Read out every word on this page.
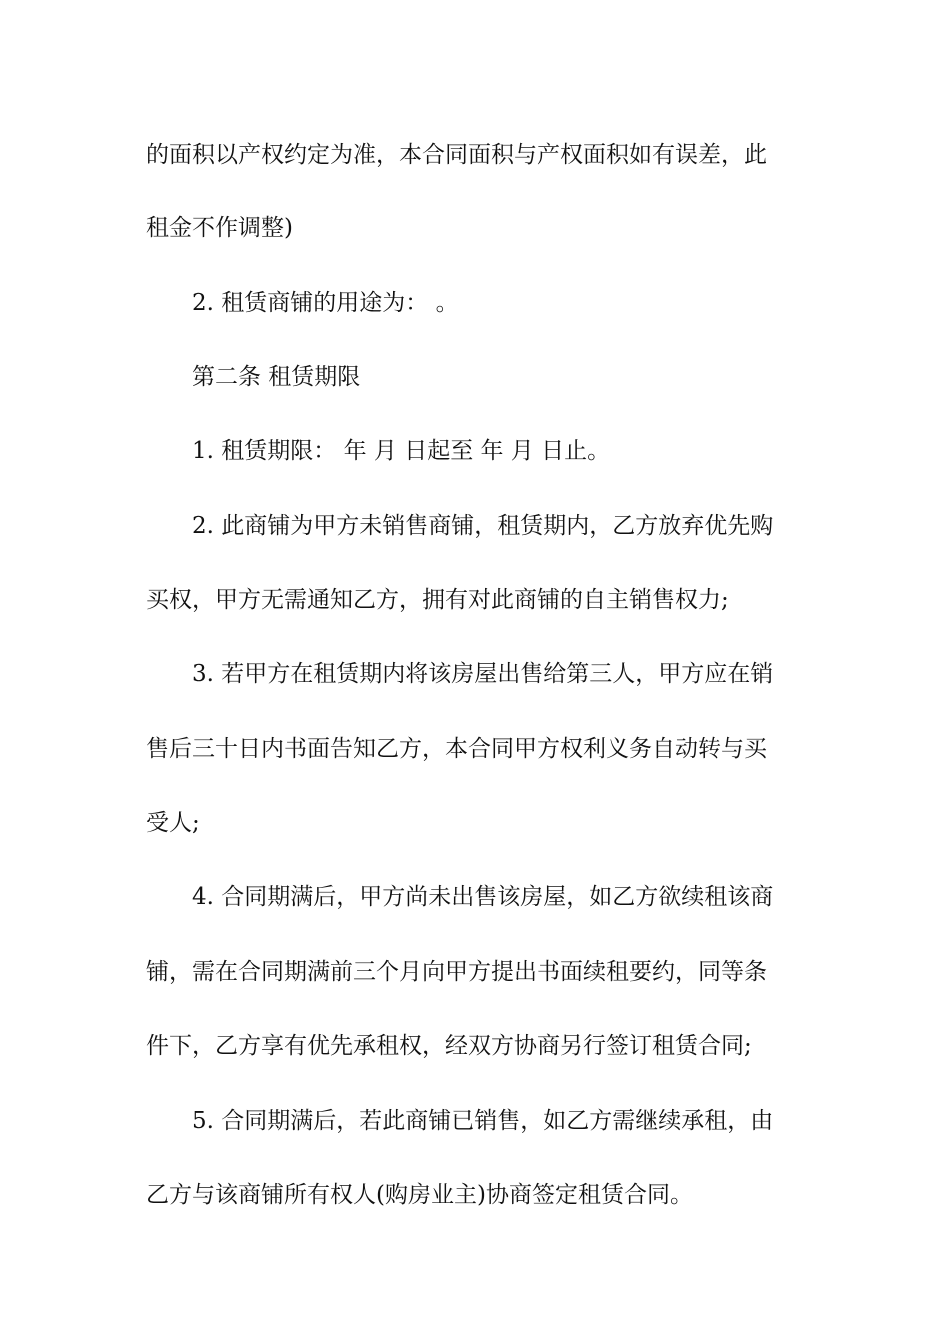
的面积以产权约定为准，本合同面积与产权面积如有误差，此
租金不作调整)
2. 租赁商铺的用途为： 。
第二条 租赁期限
1. 租赁期限： 年 月 日起至 年 月 日止。
2. 此商铺为甲方未销售商铺，租赁期内，乙方放弃优先购
买权，甲方无需通知乙方，拥有对此商铺的自主销售权力;
3. 若甲方在租赁期内将该房屋出售给第三人，甲方应在销
售后三十日内书面告知乙方，本合同甲方权利义务自动转与买
受人;
4. 合同期满后，甲方尚未出售该房屋，如乙方欲续租该商
铺，需在合同期满前三个月向甲方提出书面续租要约，同等条
件下，乙方享有优先承租权，经双方协商另行签订租赁合同;
5. 合同期满后，若此商铺已销售，如乙方需继续承租，由
乙方与该商铺所有权人(购房业主)协商签定租赁合同。
